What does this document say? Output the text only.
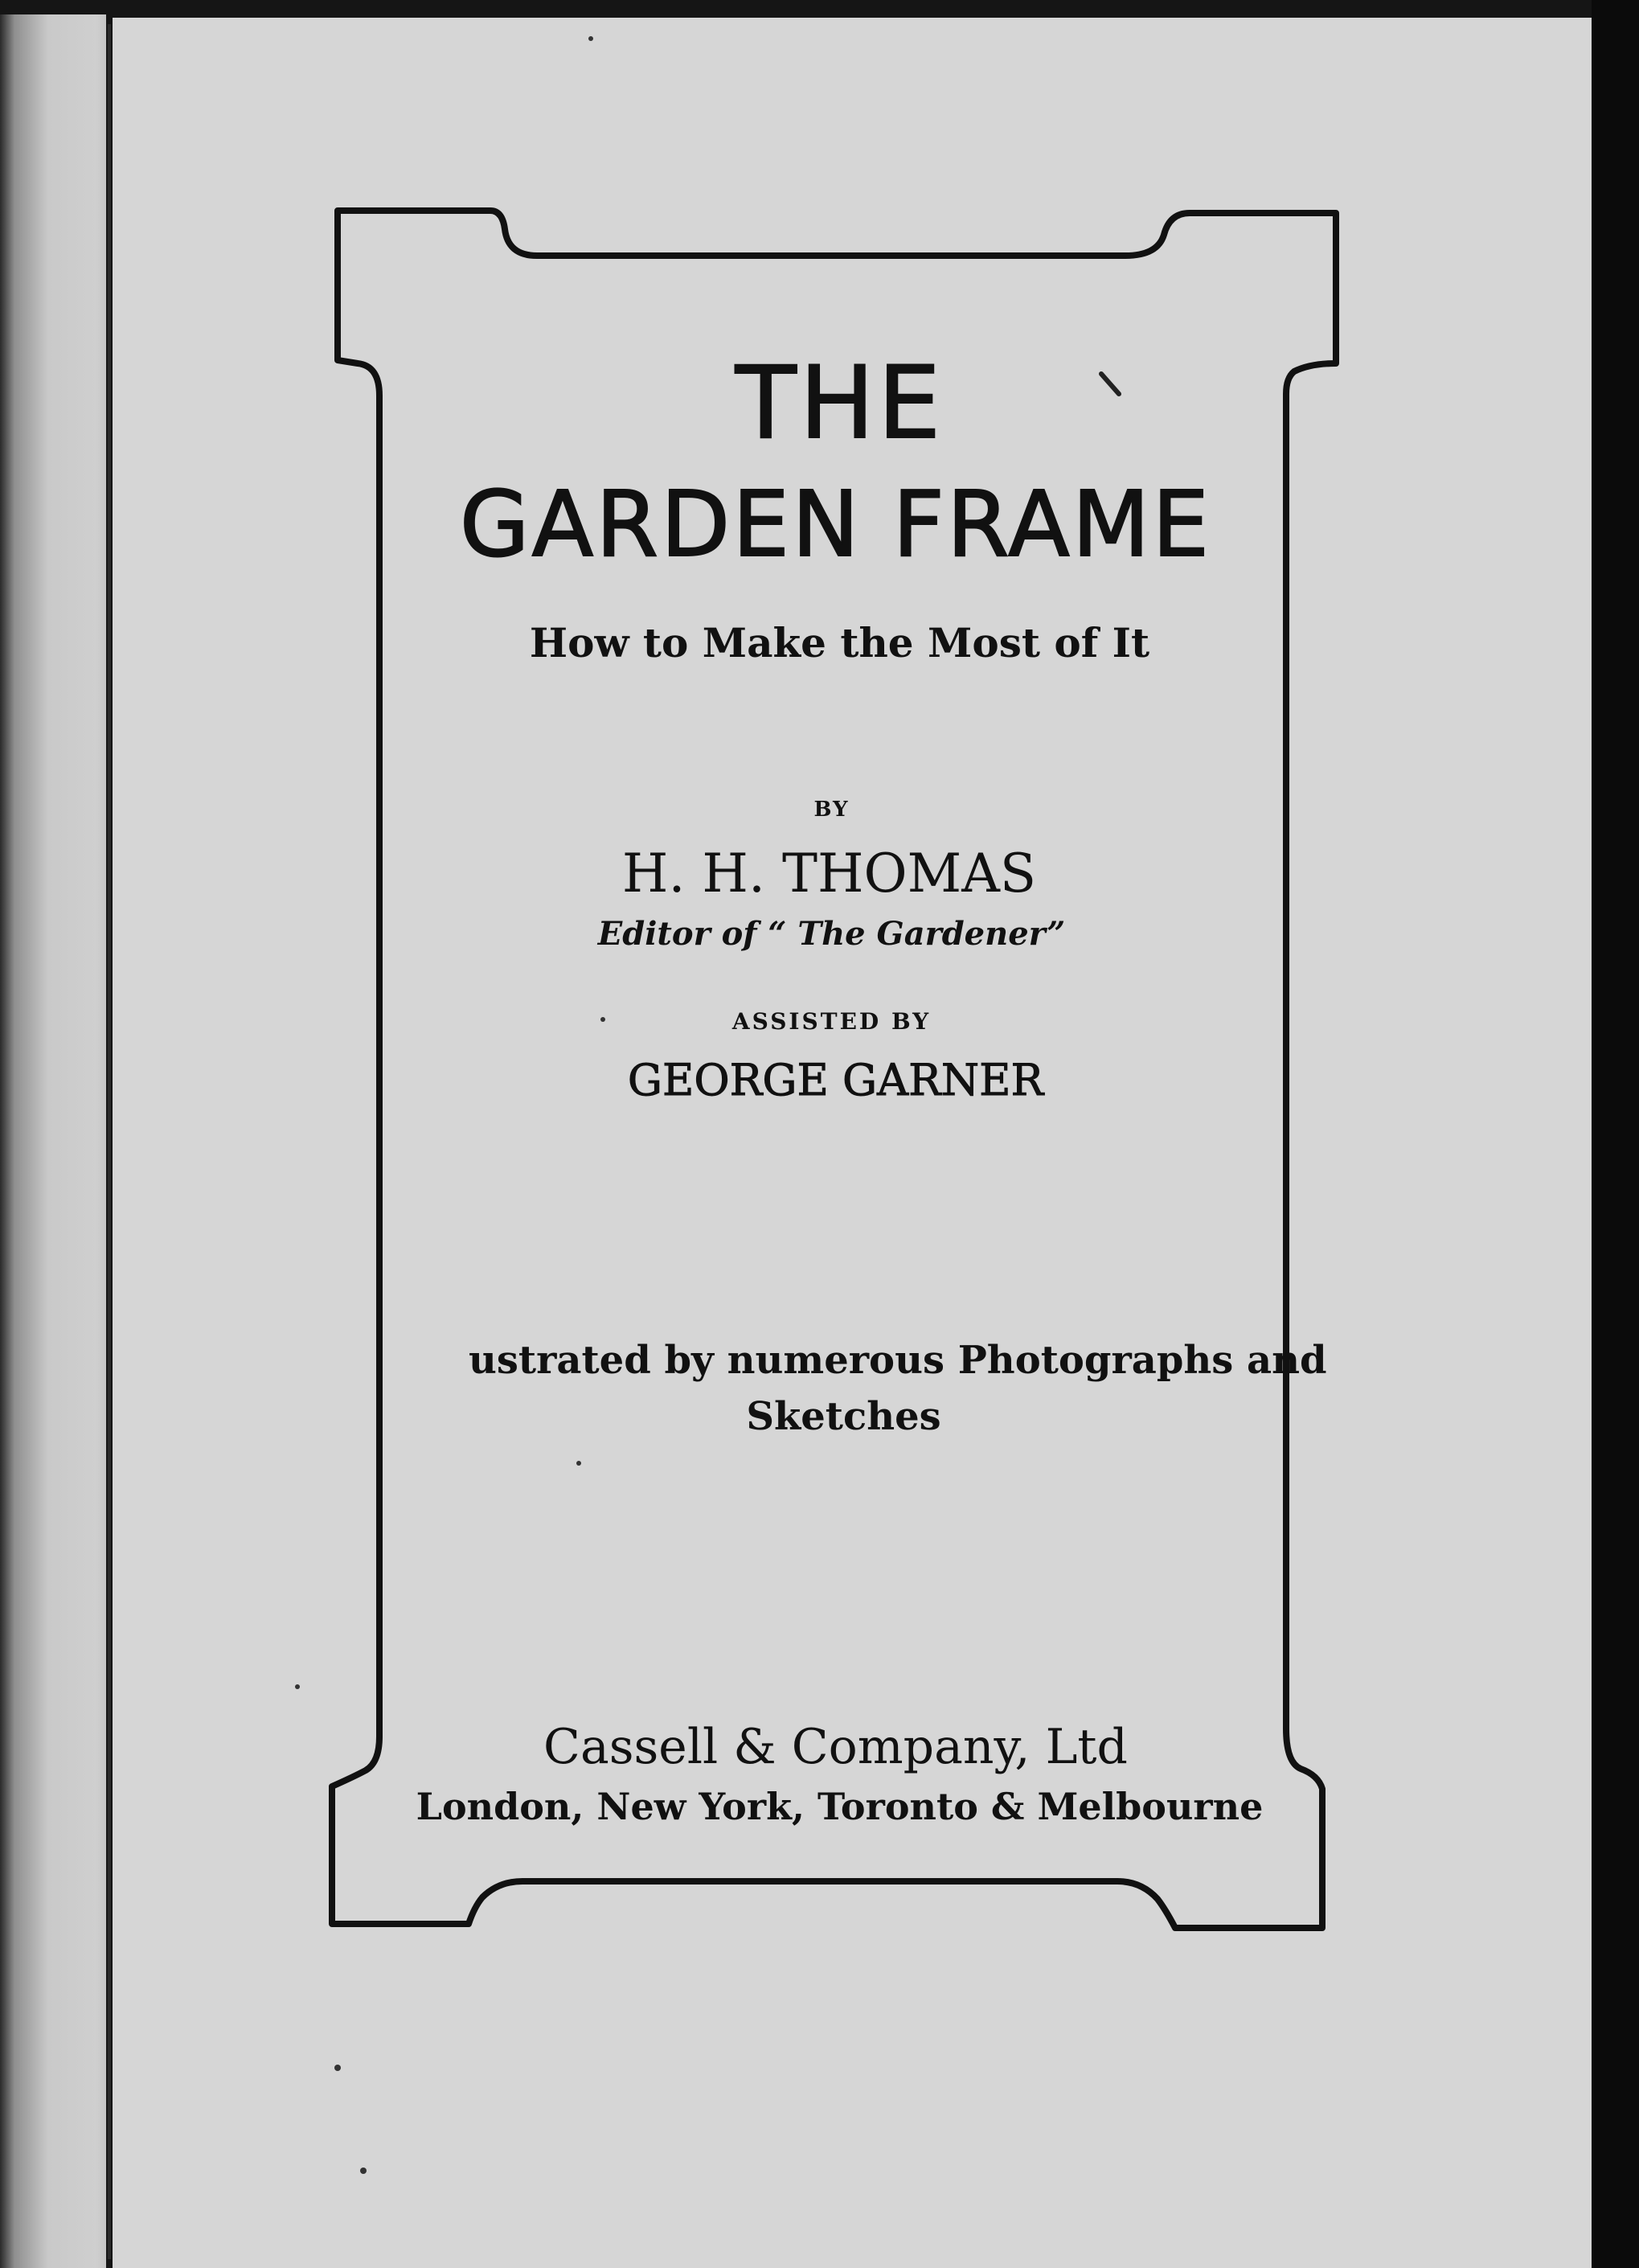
THE
GARDEN FRAME
How to Make the Most of It
BY
H. H. THOMAS
Editor of “ The Gardener”
ASSISTED BY
GEORGE GARNER
ustrated by numerous Photographs and
Sketches
Cassell & Company, Ltd
London, New York, Toronto & Melbourne
